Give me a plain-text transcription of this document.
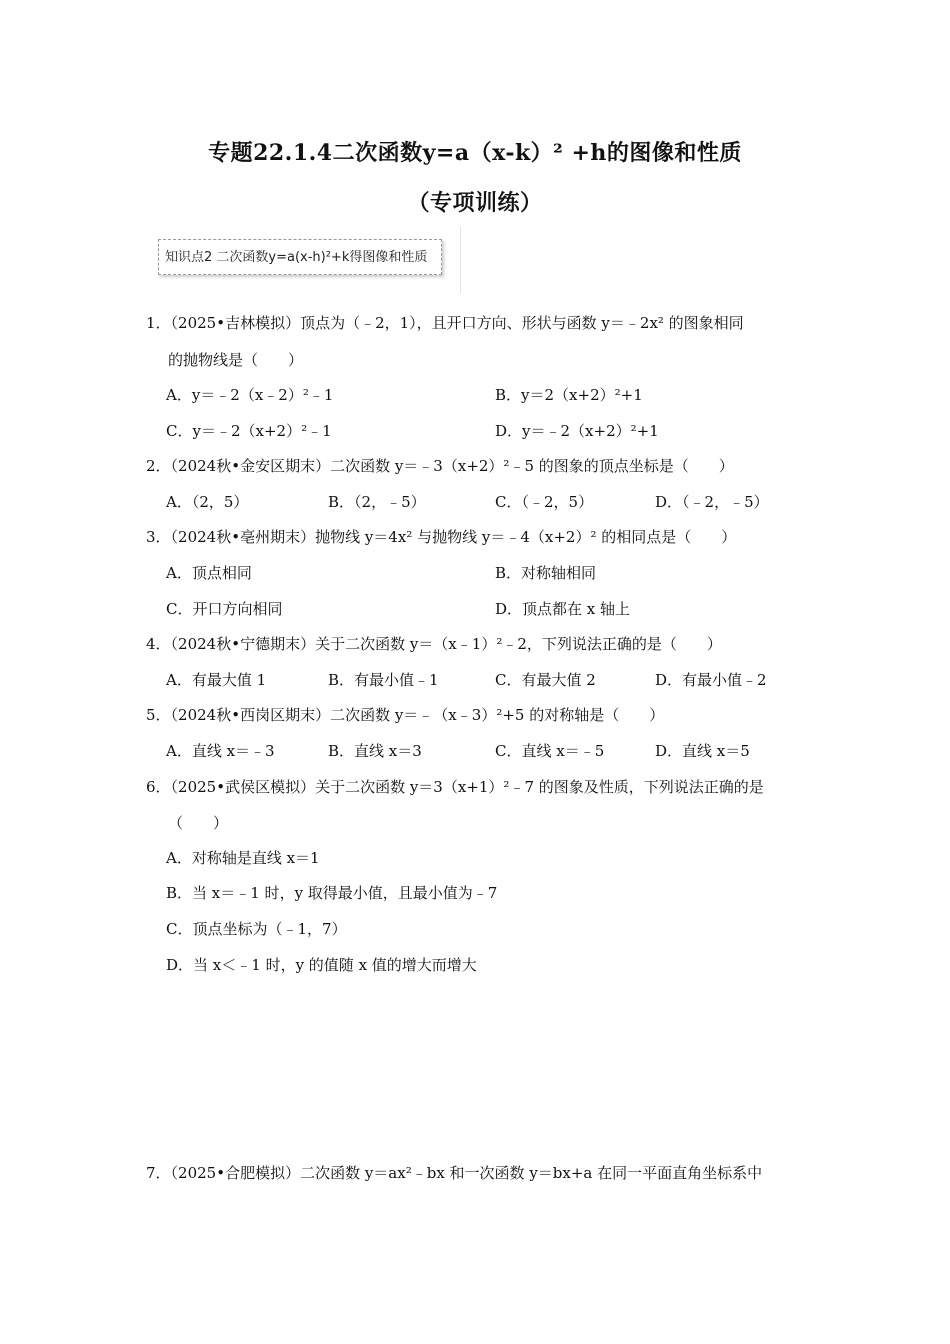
专题22.1.4二次函数y=a（x-k）² +h的图像和性质
（专项训练）
知识点2 二次函数y=a(x-h)²+k得图像和性质
1．（2025•吉林模拟）顶点为（﹣2，1），且开口方向、形状与函数 y＝﹣2x² 的图象相同
的抛物线是（　　）
A．y＝﹣2（x﹣2）²﹣1	B．y＝2（x+2）²+1
C．y＝﹣2（x+2）²﹣1	D．y＝﹣2（x+2）²+1
2．（2024秋•金安区期末）二次函数 y＝﹣3（x+2）²﹣5 的图象的顶点坐标是（　　）
A．（2，5）	B．（2，﹣5）	C．（﹣2，5）	D．（﹣2，﹣5）
3．（2024秋•亳州期末）抛物线 y＝4x² 与抛物线 y＝﹣4（x+2）² 的相同点是（　　）
A．顶点相同	B．对称轴相同
C．开口方向相同	D．顶点都在 x 轴上
4．（2024秋•宁德期末）关于二次函数 y＝（x﹣1）²﹣2，下列说法正确的是（　　）
A．有最大值 1	B．有最小值﹣1	C．有最大值 2	D．有最小值﹣2
5．（2024秋•西岗区期末）二次函数 y＝﹣（x﹣3）²+5 的对称轴是（　　）
A．直线 x＝﹣3	B．直线 x＝3	C．直线 x＝﹣5	D．直线 x＝5
6．（2025•武侯区模拟）关于二次函数 y＝3（x+1）²﹣7 的图象及性质，下列说法正确的是
（　　）
A．对称轴是直线 x＝1
B．当 x＝﹣1 时，y 取得最小值，且最小值为﹣7
C．顶点坐标为（﹣1，7）
D．当 x＜﹣1 时，y 的值随 x 值的增大而增大
7．（2025•合肥模拟）二次函数 y＝ax²﹣bx 和一次函数 y＝bx+a 在同一平面直角坐标系中
